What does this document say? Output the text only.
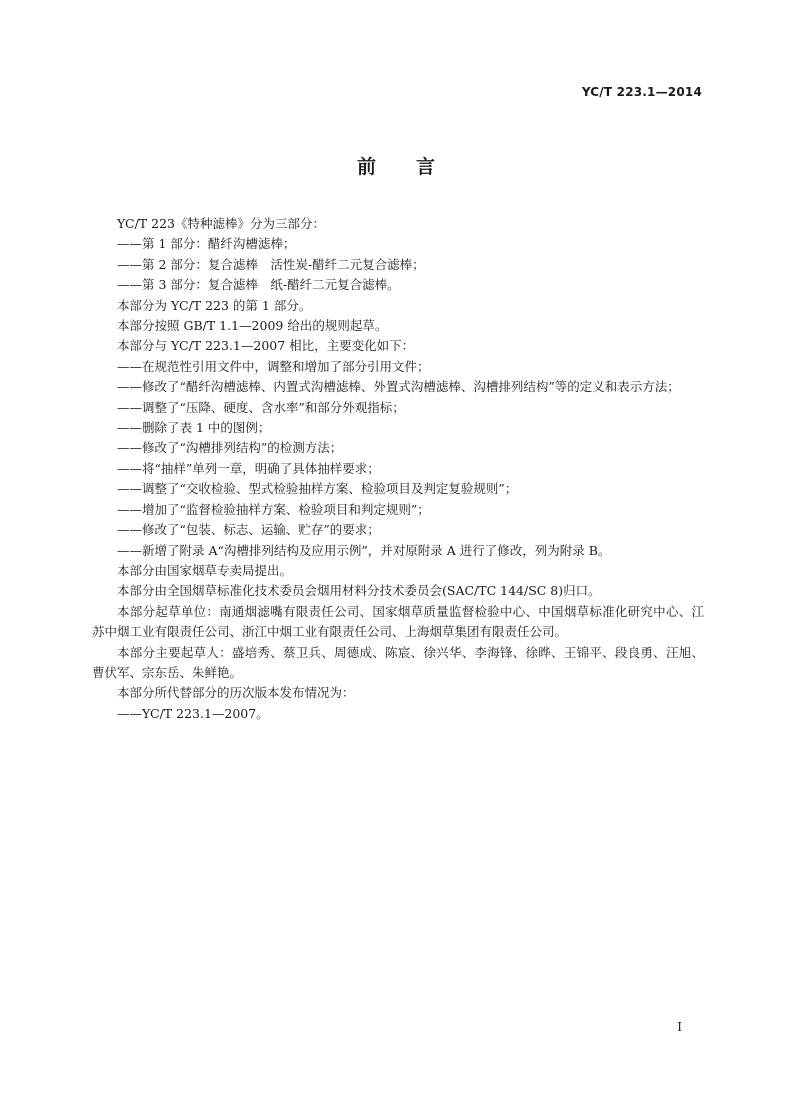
YC/T 223.1—2014
前言

YC/T 223《特种滤棒》分为三部分：

——第 1 部分：醋纤沟槽滤棒；

——第 2 部分：复合滤棒　活性炭-醋纤二元复合滤棒；

——第 3 部分：复合滤棒　纸-醋纤二元复合滤棒。

本部分为 YC/T 223 的第 1 部分。

本部分按照 GB/T 1.1—2009 给出的规则起草。

本部分与 YC/T 223.1—2007 相比，主要变化如下：

——在规范性引用文件中，调整和增加了部分引用文件；

——修改了“醋纤沟槽滤棒、内置式沟槽滤棒、外置式沟槽滤棒、沟槽排列结构”等的定义和表示方法；

——调整了“压降、硬度、含水率”和部分外观指标；

——删除了表 1 中的图例；

——修改了“沟槽排列结构”的检测方法；

——将“抽样”单列一章，明确了具体抽样要求；

——调整了“交收检验、型式检验抽样方案、检验项目及判定复验规则”；

——增加了“监督检验抽样方案、检验项目和判定规则”；

——修改了“包装、标志、运输、贮存”的要求；

——新增了附录 A“沟槽排列结构及应用示例”，并对原附录 A 进行了修改，列为附录 B。

本部分由国家烟草专卖局提出。

本部分由全国烟草标准化技术委员会烟用材料分技术委员会(SAC/TC 144/SC 8)归口。

本部分起草单位：南通烟滤嘴有限责任公司、国家烟草质量监督检验中心、中国烟草标准化研究中心、江苏中烟工业有限责任公司、浙江中烟工业有限责任公司、上海烟草集团有限责任公司。

本部分主要起草人：盛培秀、蔡卫兵、周德成、陈宸、徐兴华、李海锋、徐晔、王锦平、段良勇、汪旭、曹伏军、宗东岳、朱鲜艳。

本部分所代替部分的历次版本发布情况为：

——YC/T 223.1—2007。

I
